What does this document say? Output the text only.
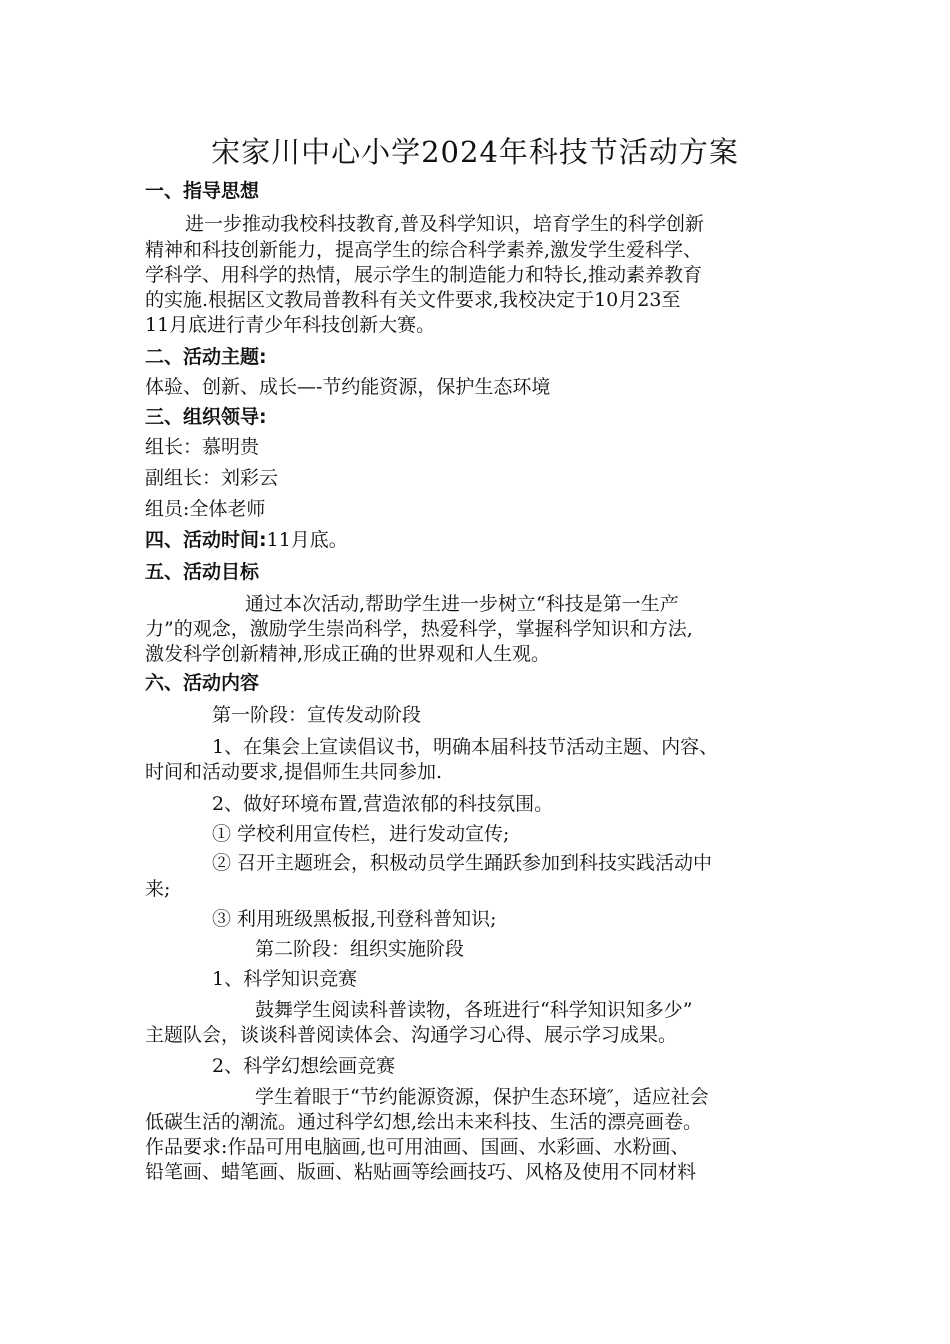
宋家川中心小学2024年科技节活动方案
一、指导思想
进一步推动我校科技教育,普及科学知识，培育学生的科学创新
精神和科技创新能力，提高学生的综合科学素养,激发学生爱科学、
学科学、用科学的热情，展示学生的制造能力和特长,推动素养教育
的实施.根据区文教局普教科有关文件要求,我校决定于10月23至
11月底进行青少年科技创新大赛。
二、活动主题:
体验、创新、成长—-节约能资源，保护生态环境
三、组织领导:
组长：慕明贵
副组长：刘彩云
组员:全体老师
四、活动时间:11月底。
五、活动目标
通过本次活动,帮助学生进一步树立“科技是第一生产
力”的观念，激励学生崇尚科学，热爱科学，掌握科学知识和方法,
激发科学创新精神,形成正确的世界观和人生观。
六、活动内容
第一阶段：宣传发动阶段
1、在集会上宣读倡议书，明确本届科技节活动主题、内容、
时间和活动要求,提倡师生共同参加.
2、做好环境布置,营造浓郁的科技氛围。
① 学校利用宣传栏，进行发动宣传;
② 召开主题班会，积极动员学生踊跃参加到科技实践活动中
来;
③ 利用班级黑板报,刊登科普知识;
第二阶段：组织实施阶段
1、科学知识竞赛
鼓舞学生阅读科普读物，各班进行“科学知识知多少”
主题队会，谈谈科普阅读体会、沟通学习心得、展示学习成果。
2、科学幻想绘画竞赛
学生着眼于“节约能源资源，保护生态环境″，适应社会
低碳生活的潮流。通过科学幻想,绘出未来科技、生活的漂亮画卷。
作品要求:作品可用电脑画,也可用油画、国画、水彩画、水粉画、
铅笔画、蜡笔画、版画、粘贴画等绘画技巧、风格及使用不同材料
